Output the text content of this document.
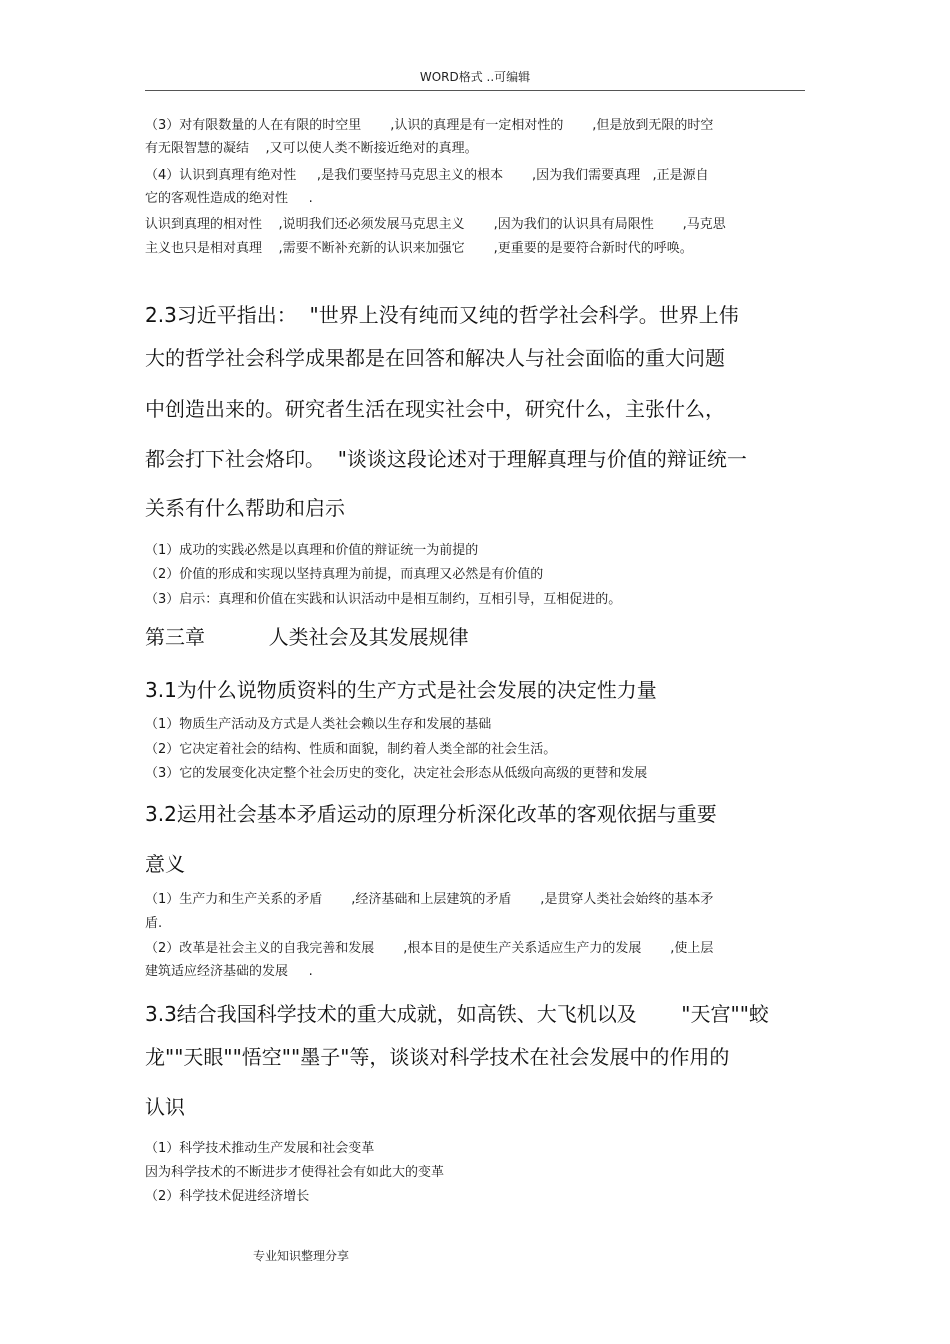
WORD格式 ..可编辑
（3）对有限数量的人在有限的时空里       ,认识的真理是有一定相对性的       ,但是放到无限的时空
有无限智慧的凝结    ,又可以使人类不断接近绝对的真理。
（4）认识到真理有绝对性     ,是我们要坚持马克思主义的根本       ,因为我们需要真理   ,正是源自
它的客观性造成的绝对性     .
认识到真理的相对性    ,说明我们还必须发展马克思主义       ,因为我们的认识具有局限性       ,马克思
主义也只是相对真理    ,需要不断补充新的认识来加强它       ,更重要的是要符合新时代的呼唤。
2.3习近平指出：  "世界上没有纯而又纯的哲学社会科学。世界上伟
大的哲学社会科学成果都是在回答和解决人与社会面临的重大问题
中创造出来的。研究者生活在现实社会中，研究什么，主张什么，
都会打下社会烙印。  "谈谈这段论述对于理解真理与价值的辩证统一
关系有什么帮助和启示
（1）成功的实践必然是以真理和价值的辩证统一为前提的
（2）价值的形成和实现以坚持真理为前提，而真理又必然是有价值的
（3）启示：真理和价值在实践和认识活动中是相互制约，互相引导，互相促进的。
第三章          人类社会及其发展规律
3.1为什么说物质资料的生产方式是社会发展的决定性力量
（1）物质生产活动及方式是人类社会赖以生存和发展的基础
（2）它决定着社会的结构、性质和面貌，制约着人类全部的社会生活。
（3）它的发展变化决定整个社会历史的变化，决定社会形态从低级向高级的更替和发展
3.2运用社会基本矛盾运动的原理分析深化改革的客观依据与重要
意义
（1）生产力和生产关系的矛盾       ,经济基础和上层建筑的矛盾       ,是贯穿人类社会始终的基本矛
盾.
（2）改革是社会主义的自我完善和发展       ,根本目的是使生产关系适应生产力的发展       ,使上层
建筑适应经济基础的发展     .
3.3结合我国科学技术的重大成就，如高铁、大飞机以及       "天宫""蛟
龙""天眼""悟空""墨子"等，谈谈对科学技术在社会发展中的作用的
认识
（1）科学技术推动生产发展和社会变革
因为科学技术的不断进步才使得社会有如此大的变革
（2）科学技术促进经济增长
专业知识整理分享
